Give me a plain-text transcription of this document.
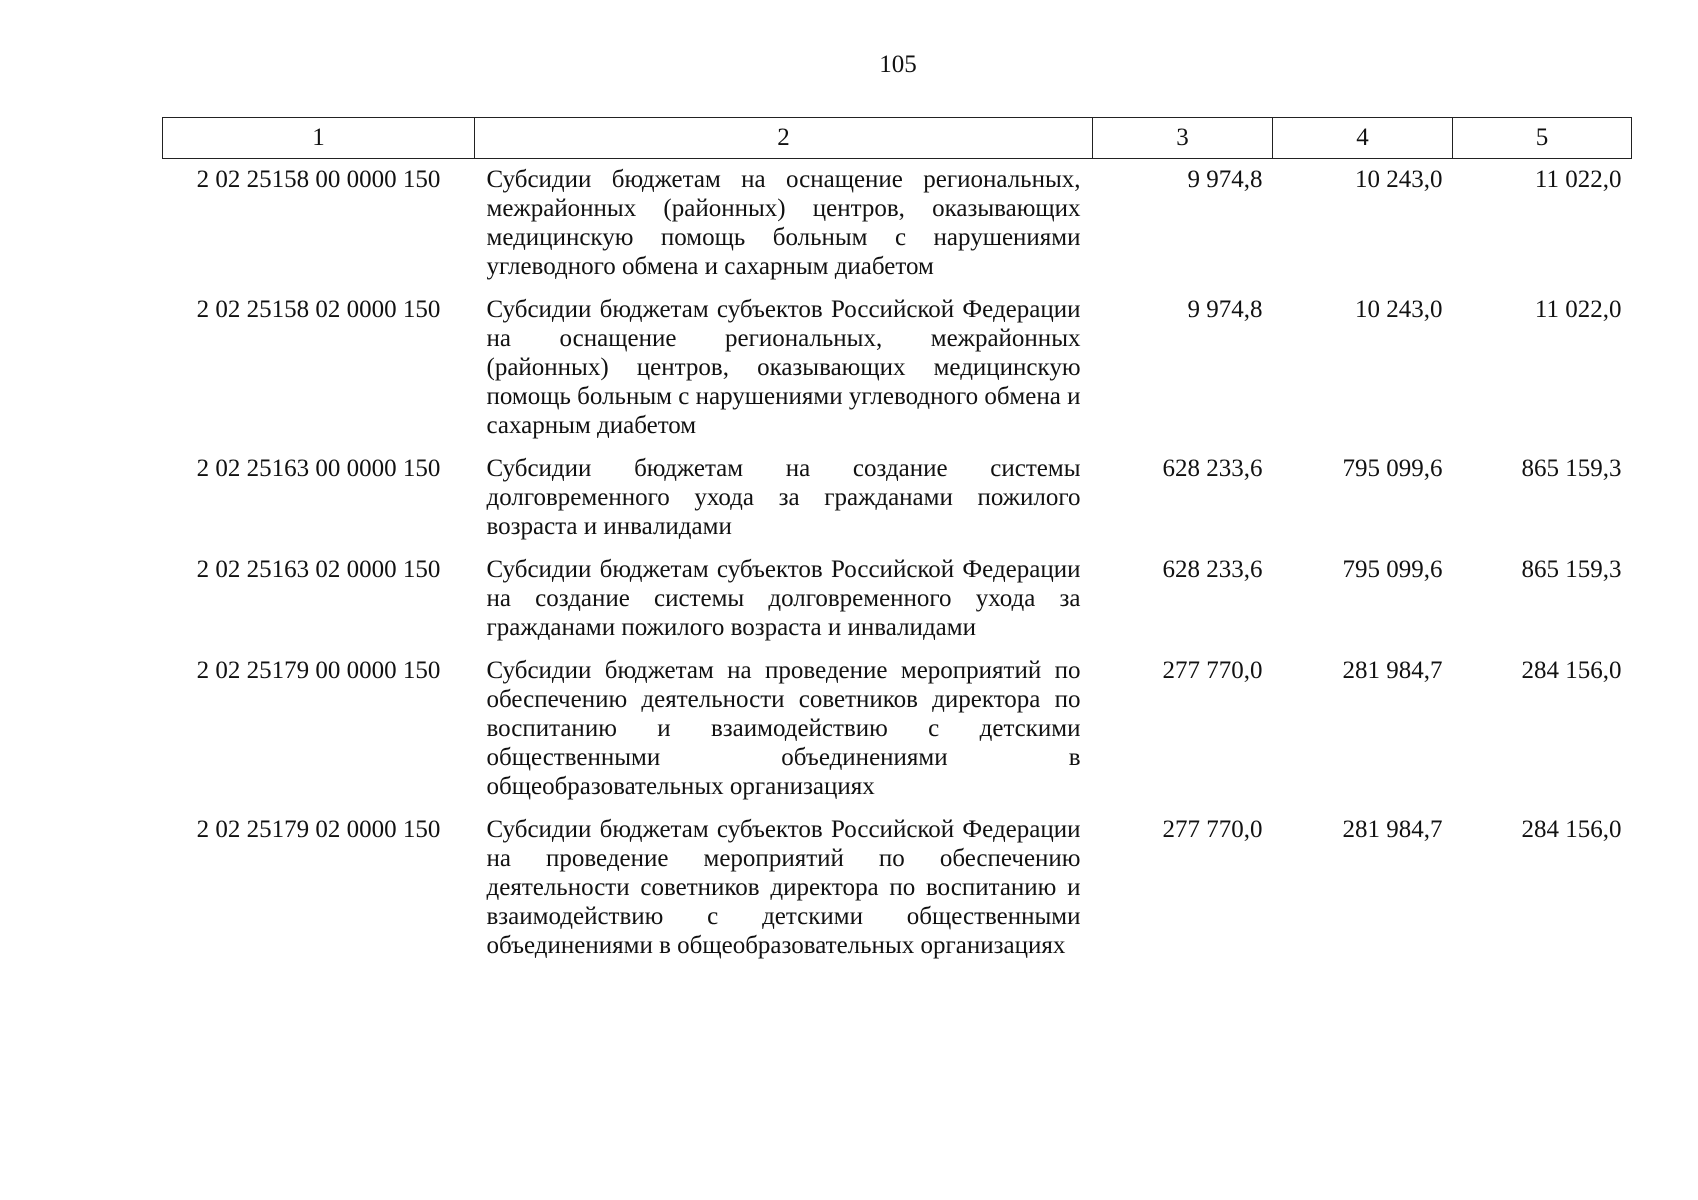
105
1	2	3	4	5
2 02 25158 00 0000 150	Субсидии бюджетам на оснащение региональных, межрайонных (районных) центров, оказывающих медицинскую помощь больным с нарушениями углеводного обмена и сахарным диабетом	9 974,8	10 243,0	11 022,0
2 02 25158 02 0000 150	Субсидии бюджетам субъектов Российской Федерации на оснащение региональных, межрайонных (районных) центров, оказывающих медицинскую помощь больным с нарушениями углеводного обмена и сахарным диабетом	9 974,8	10 243,0	11 022,0
2 02 25163 00 0000 150	Субсидии бюджетам на создание системы долговременного ухода за гражданами пожилого возраста и инвалидами	628 233,6	795 099,6	865 159,3
2 02 25163 02 0000 150	Субсидии бюджетам субъектов Российской Федерации на создание системы долговременного ухода за гражданами пожилого возраста и инвалидами	628 233,6	795 099,6	865 159,3
2 02 25179 00 0000 150	Субсидии бюджетам на проведение мероприятий по обеспечению деятельности советников директора по воспитанию и взаимодействию с детскими общественными объединениями в общеобразовательных организациях	277 770,0	281 984,7	284 156,0
2 02 25179 02 0000 150	Субсидии бюджетам субъектов Российской Федерации на проведение мероприятий по обеспечению деятельности советников директора по воспитанию и взаимодействию с детскими общественными объединениями в общеобразовательных организациях	277 770,0	281 984,7	284 156,0
